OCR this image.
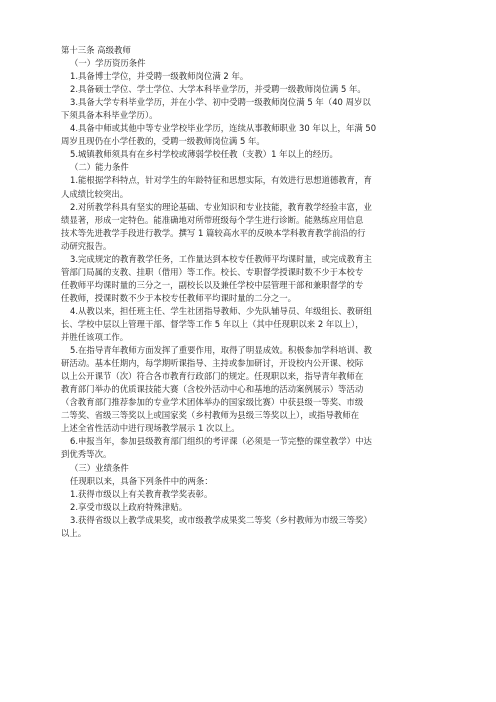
第十三条 高级教师
（一）学历资历条件
1.具备博士学位，并受聘一级教师岗位满 2 年。
2.具备硕士学位、学士学位、大学本科毕业学历，并受聘一级教师岗位满 5 年。
3.具备大学专科毕业学历，并在小学、初中受聘一级教师岗位满 5 年（40 周岁以
下须具备本科毕业学历）。
4.具备中师或其他中等专业学校毕业学历，连续从事教师职业 30 年以上，年满 50
周岁且现仍在小学任教的，受聘一级教师岗位满 5 年。
5.城镇教师须具有在乡村学校或薄弱学校任教（支教）1 年以上的经历。
（二）能力条件
1.能根据学科特点，针对学生的年龄特征和思想实际，有效进行思想道德教育，育
人成绩比较突出。
2.对所教学科具有坚实的理论基础、专业知识和专业技能，教育教学经验丰富，业
绩显著，形成一定特色。能准确地对所带班级每个学生进行诊断。能熟练应用信息
技术等先进教学手段进行教学。撰写 1 篇较高水平的反映本学科教育教学前沿的行
动研究报告。
3.完成规定的教育教学任务，工作量达到本校专任教师平均课时量，或完成教育主
管部门局属的支教、挂职（借用）等工作。校长、专职督学授课时数不少于本校专
任教师平均课时量的三分之一，副校长以及兼任学校中层管理干部和兼职督学的专
任教师，授课时数不少于本校专任教师平均课时量的二分之一。
4.从教以来，担任班主任、学生社团指导教师、少先队辅导员、年级组长、教研组
长、学校中层以上管理干部、督学等工作 5 年以上（其中任现职以来 2 年以上），
并胜任该项工作。
5.在指导青年教师方面发挥了重要作用，取得了明显成效。积极参加学科培训、教
研活动。基本任期内，每学期听课指导、主持或参加研讨，开设校内公开课、校际
以上公开课节（次）符合各市教育行政部门的规定。任现职以来，指导青年教师在
教育部门举办的优质课技能大赛（含校外活动中心和基地的活动案例展示）等活动
（含教育部门推荐参加的专业学术团体举办的国家级比赛）中获县级一等奖、市级
二等奖、省级三等奖以上或国家奖（乡村教师为县级三等奖以上），或指导教师在
上述全省性活动中进行现场教学展示 1 次以上。
6.申报当年，参加县级教育部门组织的考评课（必须是一节完整的课堂教学）中达
到优秀等次。
（三）业绩条件
任现职以来，具备下列条件中的两条：
1.获得市级以上有关教育教学奖表彰。
2.享受市级以上政府特殊津贴。
3.获得省级以上教学成果奖，或市级教学成果奖二等奖（乡村教师为市级三等奖）
以上。
